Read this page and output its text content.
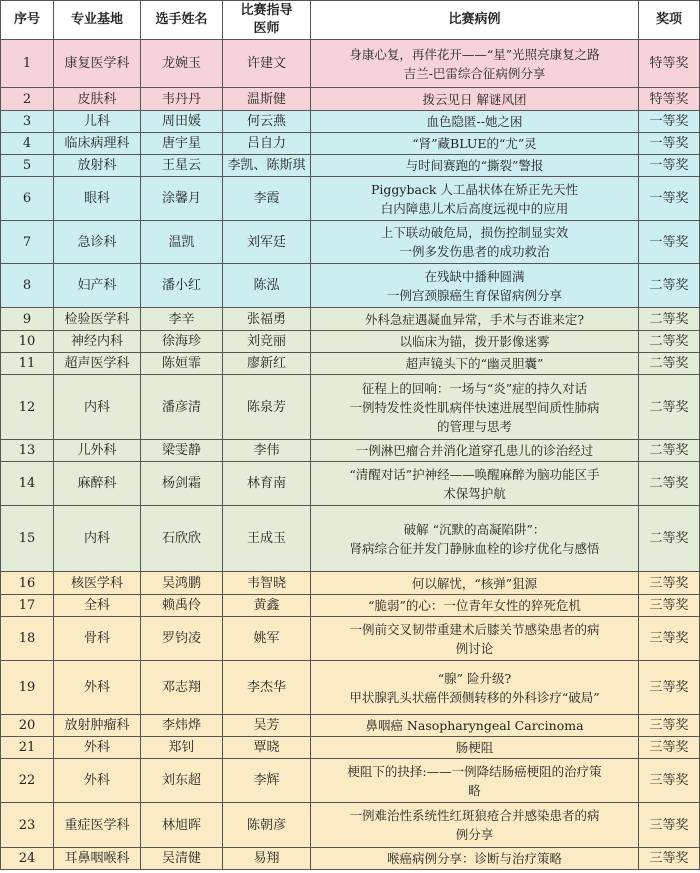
序号	专业基地	选手姓名	比赛指导医师	比赛病例	奖项
1	康复医学科	龙婉玉	许建文	身康心复，再伴花开——“星”光照亮康复之路
吉兰-巴雷综合征病例分享	特等奖
2	皮肤科	韦丹丹	温斯健	拨云见日 解谜风团	特等奖
3	儿科	周田媛	何云燕	血色隐匿--她之困	一等奖
4	临床病理科	唐宇星	吕自力	“肾”藏BLUE的“尤”灵	一等奖
5	放射科	王星云	李凯、陈斯琪	与时间赛跑的“撕裂”警报	一等奖
6	眼科	涂馨月	李霞	Piggyback 人工晶状体在矫正先天性
白内障患儿术后高度远视中的应用	一等奖
7	急诊科	温凯	刘军廷	上下联动破危局，损伤控制显实效
一例多发伤患者的成功救治	一等奖
8	妇产科	潘小红	陈泓	在残缺中播种圆满
一例宫颈腺癌生育保留病例分享	二等奖
9	检验医学科	李辛	张福勇	外科急症遇凝血异常，手术与否谁来定?	二等奖
10	神经内科	徐海珍	刘竞丽	以临床为锚，拨开影像迷雾	二等奖
11	超声医学科	陈姮霏	廖新红	超声镜头下的“幽灵胆囊”	二等奖
12	内科	潘彦清	陈泉芳	征程上的回响：一场与“炎”症的持久对话
一例特发性炎性肌病伴快速进展型间质性肺病
的管理与思考	二等奖
13	儿外科	梁雯静	李伟	一例淋巴瘤合并消化道穿孔患儿的诊治经过	二等奖
14	麻醉科	杨剑霜	林育南	“清醒对话”护神经——唤醒麻醉为脑功能区手
术保驾护航	二等奖
15	内科	石欣欣	王成玉	破解 “沉默的高凝陷阱”：
肾病综合征并发门静脉血栓的诊疗优化与感悟	二等奖
16	核医学科	吴鸿鹏	韦智晓	何以解忧，“核弹”狙源	三等奖
17	全科	赖禹伶	黄鑫	“脆弱”的心：一位青年女性的猝死危机	三等奖
18	骨科	罗钧凌	姚军	一例前交叉韧带重建术后膝关节感染患者的病
例讨论	三等奖
19	外科	邓志翔	李杰华	“腺” 险升级?
甲状腺乳头状癌伴颈侧转移的外科诊疗“破局”	三等奖
20	放射肿瘤科	李炜烨	吴芳	鼻咽癌 Nasopharyngeal Carcinoma	三等奖
21	外科	郑钊	覃晓	肠梗阻	三等奖
22	外科	刘东超	李辉	梗阻下的抉择:——一例降结肠癌梗阻的治疗策
略	三等奖
23	重症医学科	林旭晖	陈朝彦	一例难治性系统性红斑狼疮合并感染患者的病
例分享	三等奖
24	耳鼻咽喉科	吴清健	易翔	喉癌病例分享：诊断与治疗策略	三等奖
